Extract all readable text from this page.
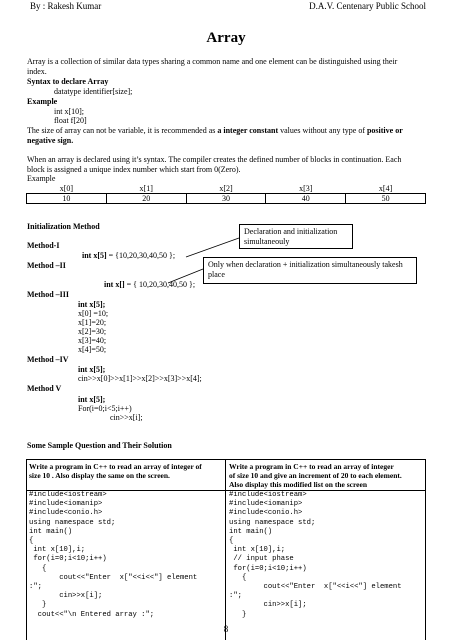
By : Rakesh Kumar	D.A.V. Centenary Public School
Array
Array is a collection of similar data types sharing a common name and one element can be distinguished using their
index.
Syntax to declare Array
datatype identifier[size];
Example
int x[10];
float f[20]
The size of array can not be variable, it is recommended as a integer constant values without any type of positive or
negative sign.
When an array is declared using it’s syntax. The compiler creates the defined number of blocks in continuation. Each
block is assigned a unique index number which start from 0(Zero).
Example
x[0]	x[1]	x[2]	x[3]	x[4]
10	20	30	40	50
Initialization Method
Declaration and initialization simultaneouly
Only when declaration + initialization simultaneously takesh place
Method-I
int x[5] = {10,20,30,40,50 };
Method –II
int x[] = { 10,20,30,40,50 };
Method –III
int x[5];
x[0] =10;
x[1]=20;
x[2]=30;
x[3]=40;
x[4]=50;
Method –IV
int x[5];
cin>>x[0]>>x[1]>>x[2]>>x[3]>>x[4];
Method V
int x[5];
For(i=0;i<5;i++)
cin>>x[i];
Some Sample Question and Their Solution
Write a program in C++ to read an array of integer of
size 10 . Also display the same on the screen.
Write a program in C++ to read an array of integer
of size 10 and give an increment of 20 to each element.
Also display this modified list on the screen
#include<iostream>
#include<iomanip>
#include<conio.h>
using namespace std;
int main()
{
int x[10],i;
for(i=0;i<10;i++)
{
cout<<"Enter  x["<<i<<"] element
:";
cin>>x[i];
}
cout<<"\n Entered array :";
#include<iostream>
#include<iomanip>
#include<conio.h>
using namespace std;
int main()
{
int x[10],i;
// input phase
for(i=0;i<10;i++)
{
cout<<"Enter  x["<<i<<"] element
:";
cin>>x[i];
}
8
